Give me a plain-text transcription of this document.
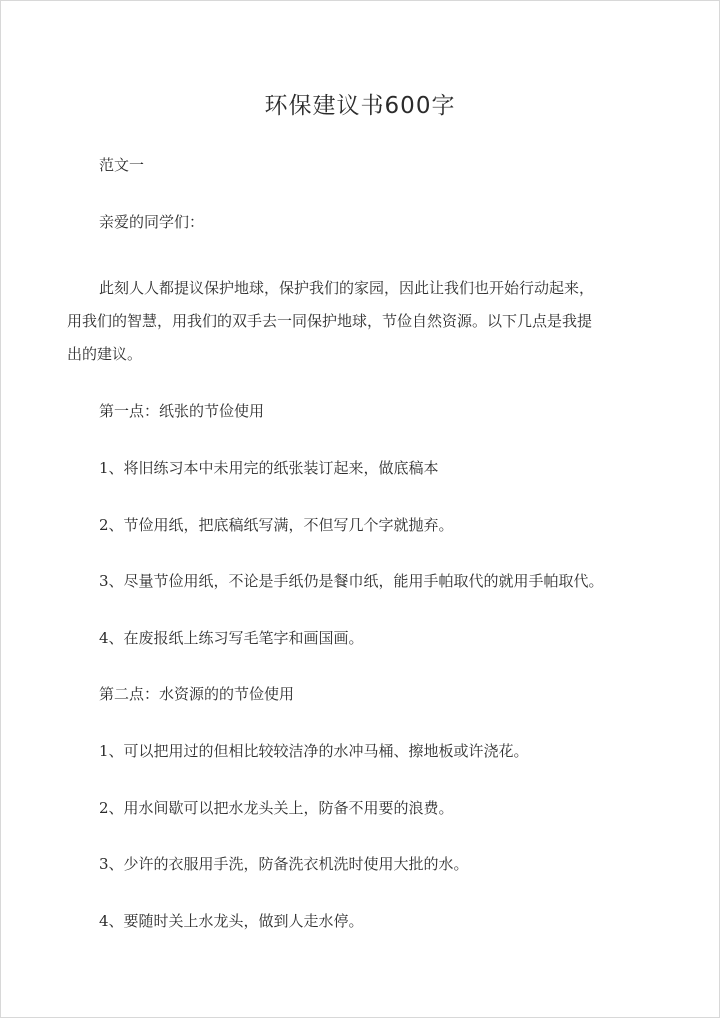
环保建议书600字
范文一
亲爱的同学们：
此刻人人都提议保护地球，保护我们的家园，因此让我们也开始行动起来，
用我们的智慧，用我们的双手去一同保护地球，节俭自然资源。以下几点是我提
出的建议。
第一点：纸张的节俭使用
1、将旧练习本中未用完的纸张装订起来，做底稿本
2、节俭用纸，把底稿纸写满，不但写几个字就抛弃。
3、尽量节俭用纸，不论是手纸仍是餐巾纸，能用手帕取代的就用手帕取代。
4、在废报纸上练习写毛笔字和画国画。
第二点：水资源的的节俭使用
1、可以把用过的但相比较较洁净的水冲马桶、擦地板或许浇花。
2、用水间歇可以把水龙头关上，防备不用要的浪费。
3、少许的衣服用手洗，防备洗衣机洗时使用大批的水。
4、要随时关上水龙头，做到人走水停。
